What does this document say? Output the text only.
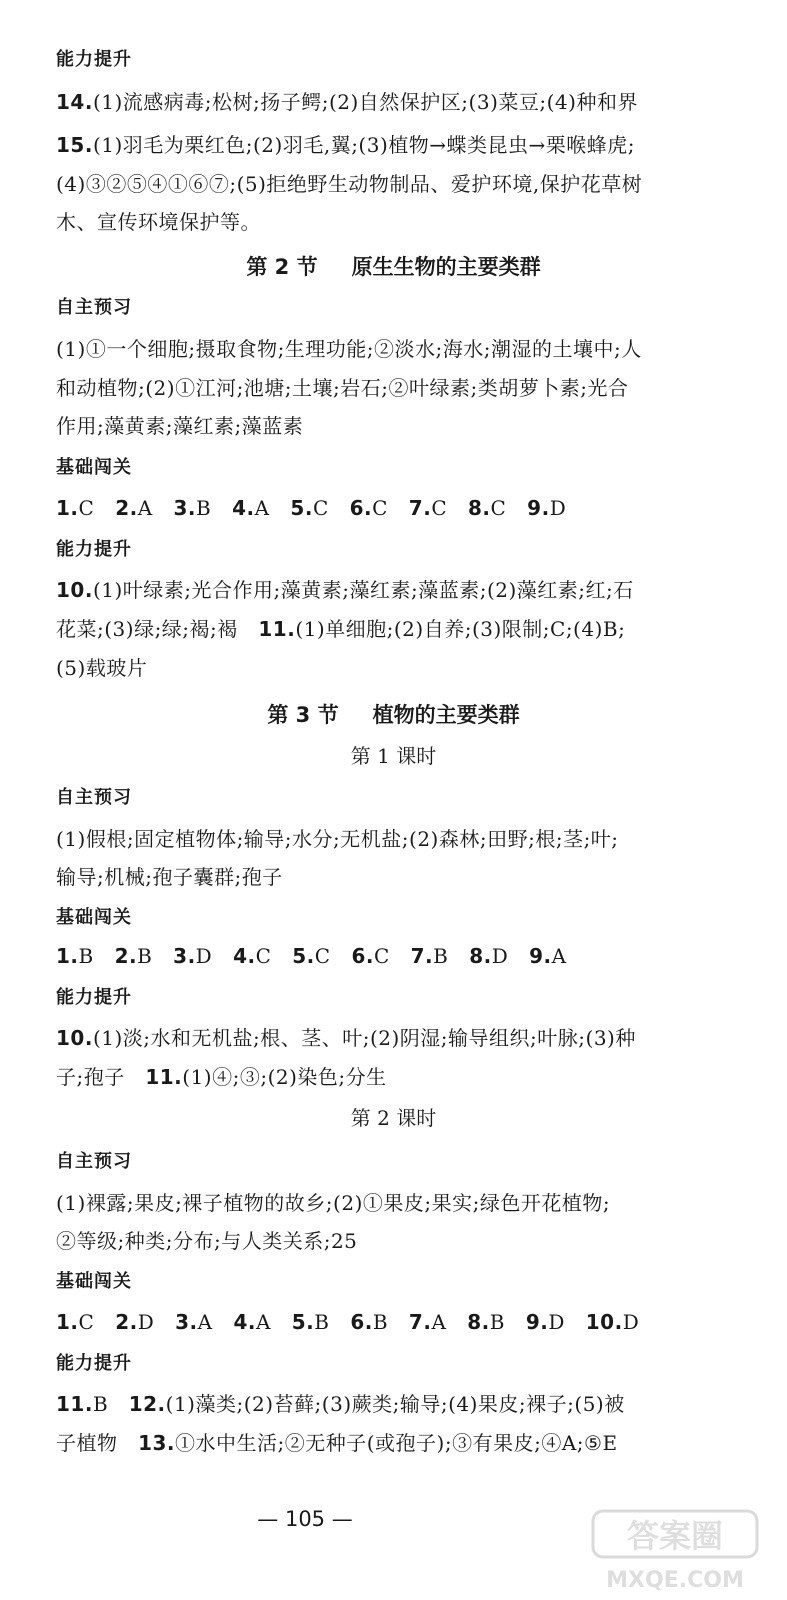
能力提升
14.(1)流感病毒;松树;扬子鳄;(2)自然保护区;(3)菜豆;(4)种和界
15.(1)羽毛为栗红色;(2)羽毛,翼;(3)植物→蝶类昆虫→栗喉蜂虎;
(4)③②⑤④①⑥⑦;(5)拒绝野生动物制品、爱护环境,保护花草树
木、宣传环境保护等。
第 2 节 原生生物的主要类群
自主预习
(1)①一个细胞;摄取食物;生理功能;②淡水;海水;潮湿的土壤中;人
和动植物;(2)①江河;池塘;土壤;岩石;②叶绿素;类胡萝卜素;光合
作用;藻黄素;藻红素;藻蓝素
基础闯关
1.C 2.A 3.B 4.A 5.C 6.C 7.C 8.C 9.D
能力提升
10.(1)叶绿素;光合作用;藻黄素;藻红素;藻蓝素;(2)藻红素;红;石
花菜;(3)绿;绿;褐;褐 11.(1)单细胞;(2)自养;(3)限制;C;(4)B;
(5)载玻片
第 3 节 植物的主要类群
第 1 课时
自主预习
(1)假根;固定植物体;输导;水分;无机盐;(2)森林;田野;根;茎;叶;
输导;机械;孢子囊群;孢子
基础闯关
1.B 2.B 3.D 4.C 5.C 6.C 7.B 8.D 9.A
能力提升
10.(1)淡;水和无机盐;根、茎、叶;(2)阴湿;输导组织;叶脉;(3)种
子;孢子 11.(1)④;③;(2)染色;分生
第 2 课时
自主预习
(1)裸露;果皮;裸子植物的故乡;(2)①果皮;果实;绿色开花植物;
②等级;种类;分布;与人类关系;25
基础闯关
1.C 2.D 3.A 4.A 5.B 6.B 7.A 8.B 9.D 10.D
能力提升
11.B 12.(1)藻类;(2)苔藓;(3)蕨类;输导;(4)果皮;裸子;(5)被
子植物 13.①水中生活;②无种子(或孢子);③有果皮;④A;⑤E
— 105 —	答案圈
MXQE.COM
